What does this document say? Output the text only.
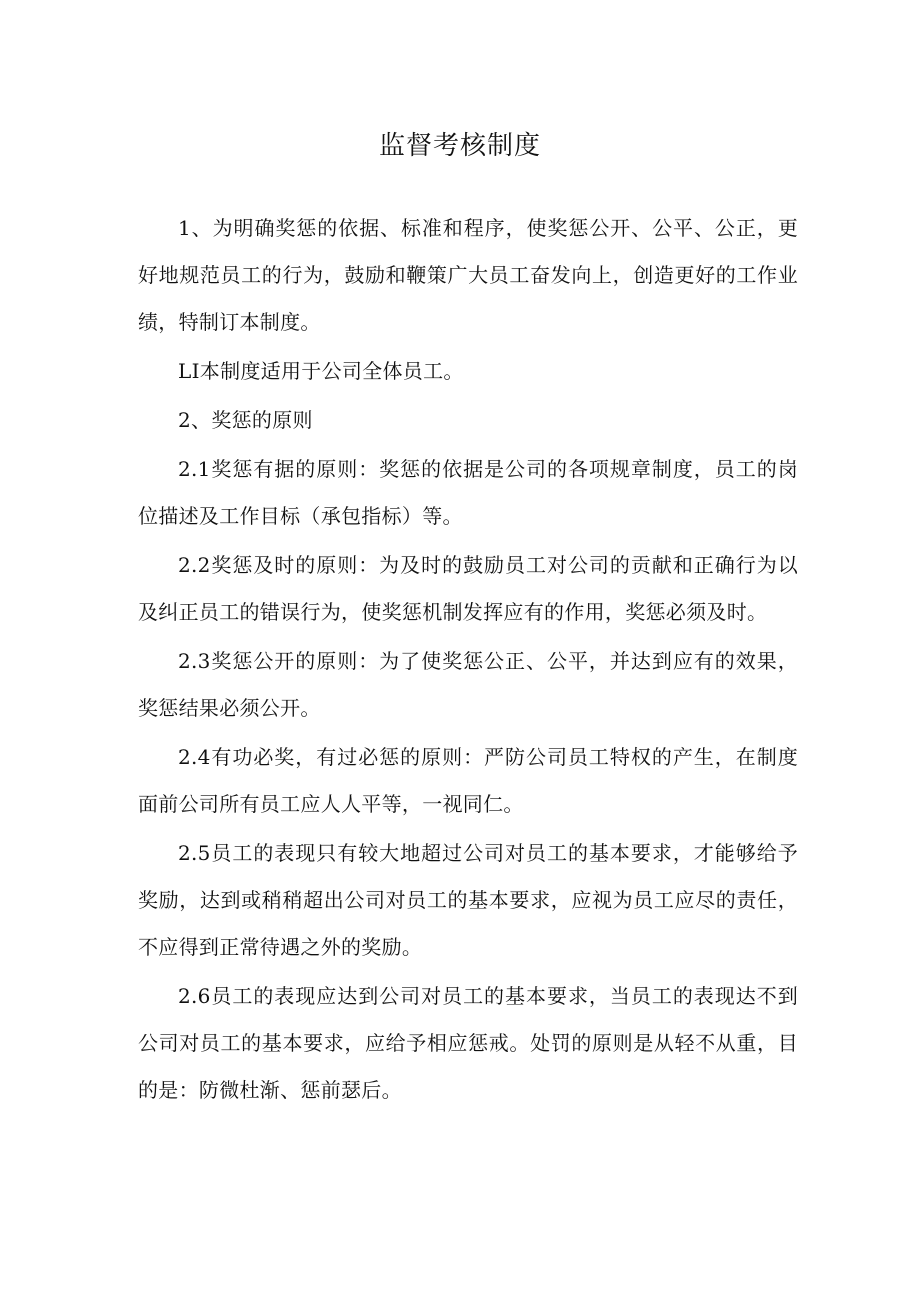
监督考核制度

1、为明确奖惩的依据、标准和程序，使奖惩公开、公平、公正，更好地规范员工的行为，鼓励和鞭策广大员工奋发向上，创造更好的工作业绩，特制订本制度。

LI本制度适用于公司全体员工。

2、奖惩的原则

2.1奖惩有据的原则：奖惩的依据是公司的各项规章制度，员工的岗位描述及工作目标（承包指标）等。

2.2奖惩及时的原则：为及时的鼓励员工对公司的贡献和正确行为以及纠正员工的错误行为，使奖惩机制发挥应有的作用，奖惩必须及时。

2.3奖惩公开的原则：为了使奖惩公正、公平，并达到应有的效果，奖惩结果必须公开。

2.4有功必奖，有过必惩的原则：严防公司员工特权的产生，在制度面前公司所有员工应人人平等，一视同仁。

2.5员工的表现只有较大地超过公司对员工的基本要求，才能够给予奖励，达到或稍稍超出公司对员工的基本要求，应视为员工应尽的责任，不应得到正常待遇之外的奖励。

2.6员工的表现应达到公司对员工的基本要求，当员工的表现达不到公司对员工的基本要求，应给予相应惩戒。处罚的原则是从轻不从重，目的是：防微杜渐、惩前瑟后。
